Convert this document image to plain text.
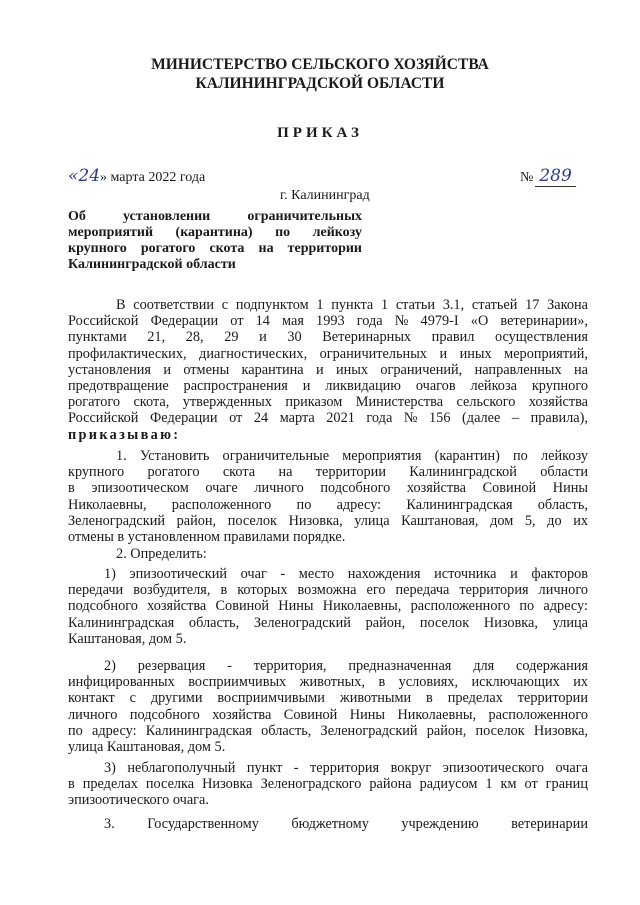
МИНИСТЕРСТВО СЕЛЬСКОГО ХОЗЯЙСТВА
КАЛИНИНГРАДСКОЙ ОБЛАСТИ
ПРИКАЗ
«24» марта 2022 года	№ 289
г. Калининград
Об установлении ограничительных
мероприятий (карантина) по лейкозу
крупного рогатого скота на территории
Калининградской области
В соответствии с подпунктом 1 пункта 1 статьи 3.1, статьей 17 Закона
Российской Федерации от 14 мая 1993 года № 4979-I «О ветеринарии»,
пунктами 21, 28, 29 и 30 Ветеринарных правил осуществления
профилактических, диагностических, ограничительных и иных мероприятий,
установления и отмены карантина и иных ограничений, направленных на
предотвращение распространения и ликвидацию очагов лейкоза крупного
рогатого скота, утвержденных приказом Министерства сельского хозяйства
Российской Федерации от 24 марта 2021 года № 156 (далее – правила),
приказываю:
1. Установить ограничительные мероприятия (карантин) по лейкозу
крупного рогатого скота на территории Калининградской области
в эпизоотическом очаге личного подсобного хозяйства Совиной Нины
Николаевны, расположенного по адресу: Калининградская область,
Зеленоградский район, поселок Низовка, улица Каштановая, дом 5, до их
отмены в установленном правилами порядке.
2. Определить:
1) эпизоотический очаг - место нахождения источника и факторов
передачи возбудителя, в которых возможна его передача территория личного
подсобного хозяйства Совиной Нины Николаевны, расположенного по адресу:
Калининградская область, Зеленоградский район, поселок Низовка, улица
Каштановая, дом 5.
2) резервация - территория, предназначенная для содержания
инфицированных восприимчивых животных, в условиях, исключающих их
контакт с другими восприимчивыми животными в пределах территории
личного подсобного хозяйства Совиной Нины Николаевны, расположенного
по адресу: Калининградская область, Зеленоградский район, поселок Низовка,
улица Каштановая, дом 5.
3) неблагополучный пункт - территория вокруг эпизоотического очага
в пределах поселка Низовка Зеленоградского района радиусом 1 км от границ
эпизоотического очага.
3. Государственному бюджетному учреждению ветеринарии
